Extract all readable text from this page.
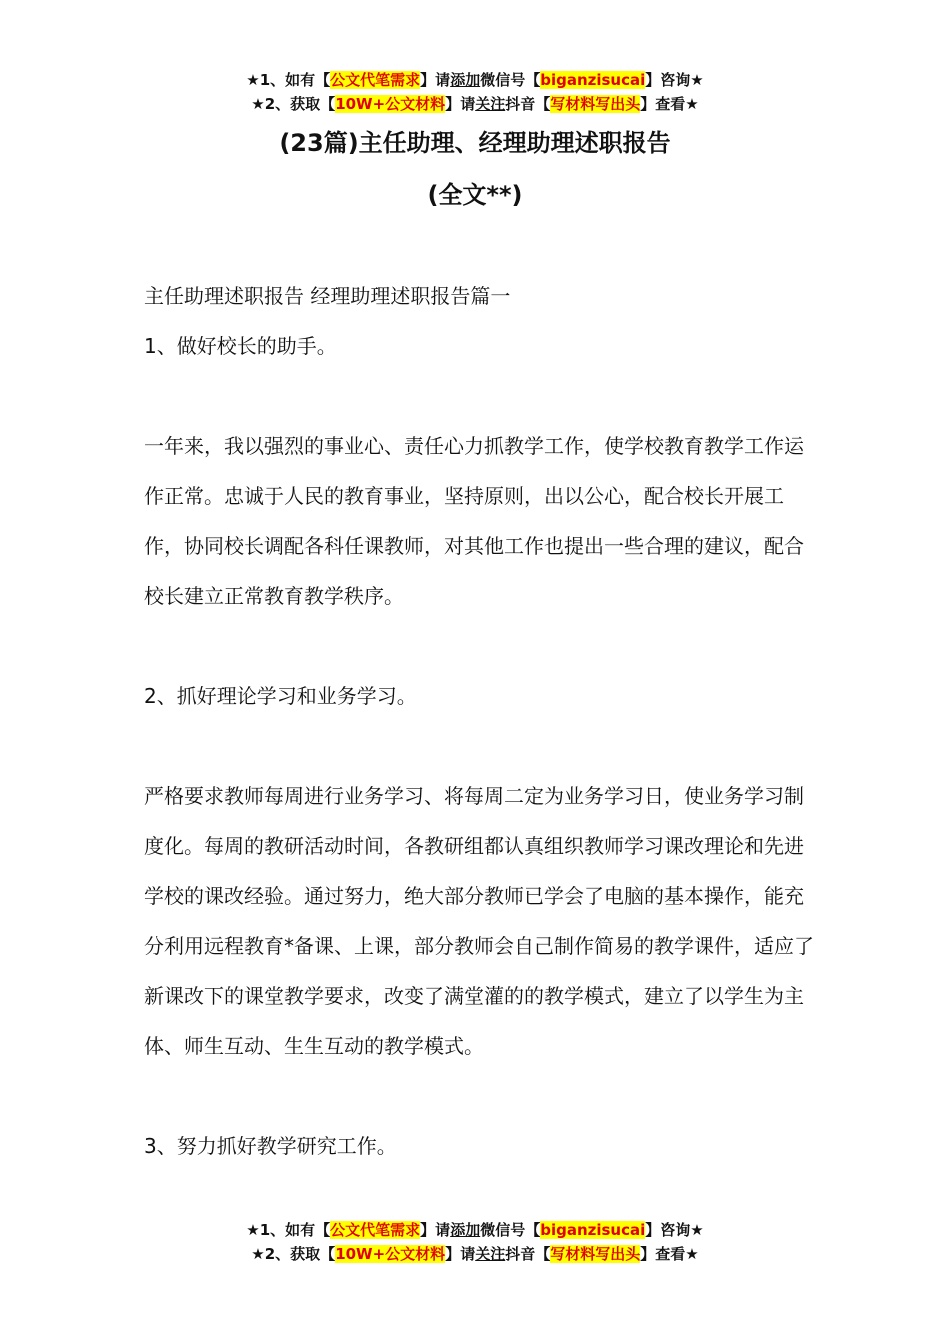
★1、如有【公文代笔需求】请添加微信号【biganzisucai】咨询★
★2、获取【10W+公文材料】请关注抖音【写材料写出头】查看★
(23篇)主任助理、经理助理述职报告
(全文**)

主任助理述职报告 经理助理述职报告篇一

1、做好校长的助手。

一年来，我以强烈的事业心、责任心力抓教学工作，使学校教育教学工作运作正常。忠诚于人民的教育事业，坚持原则，出以公心，配合校长开展工作，协同校长调配各科任课教师，对其他工作也提出一些合理的建议，配合校长建立正常教育教学秩序。

2、抓好理论学习和业务学习。

严格要求教师每周进行业务学习、将每周二定为业务学习日，使业务学习制度化。每周的教研活动时间，各教研组都认真组织教师学习课改理论和先进学校的课改经验。通过努力，绝大部分教师已学会了电脑的基本操作，能充分利用远程教育*备课、上课，部分教师会自己制作简易的教学课件，适应了新课改下的课堂教学要求，改变了满堂灌的的教学模式，建立了以学生为主体、师生互动、生生互动的教学模式。

3、努力抓好教学研究工作。

★1、如有【公文代笔需求】请添加微信号【biganzisucai】咨询★
★2、获取【10W+公文材料】请关注抖音【写材料写出头】查看★
